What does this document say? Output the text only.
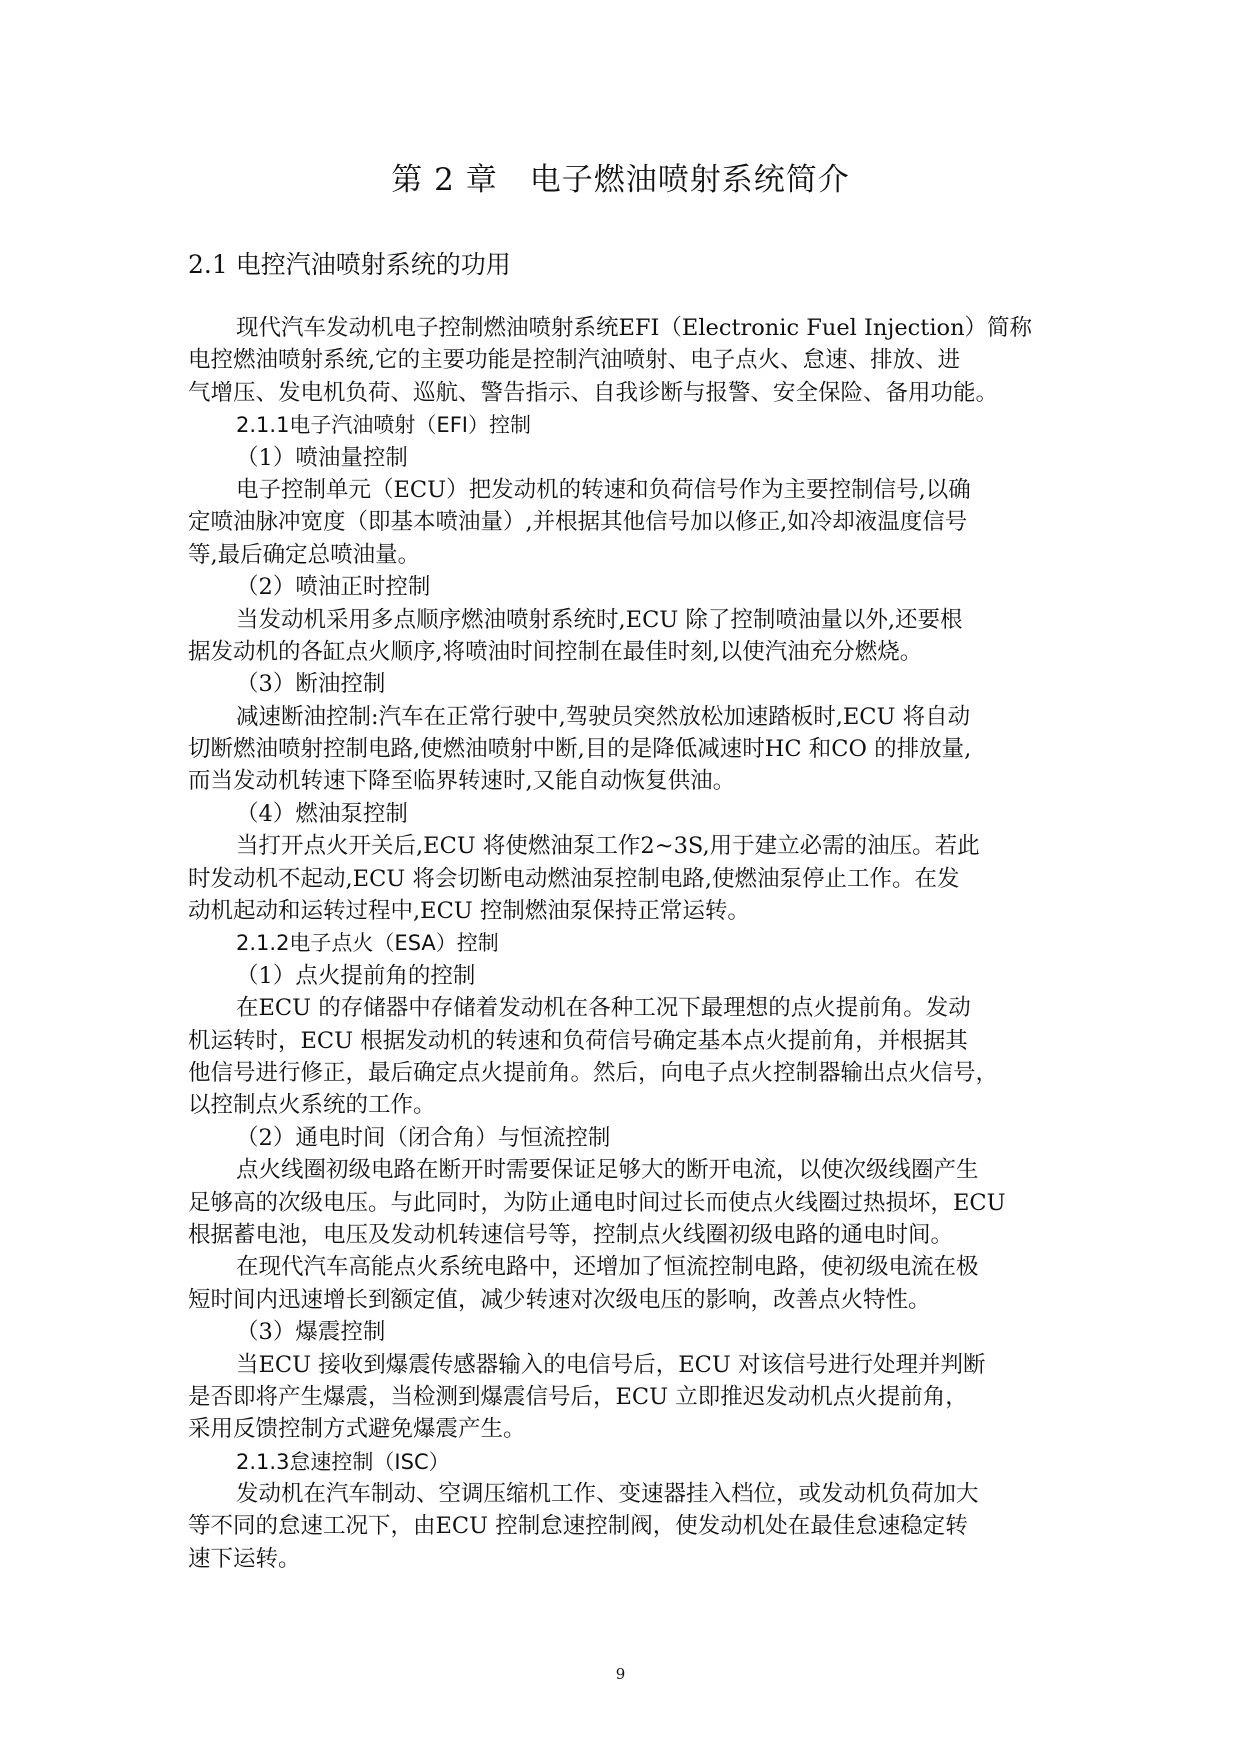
第 2 章　电子燃油喷射系统简介
2.1 电控汽油喷射系统的功用
现代汽车发动机电子控制燃油喷射系统EFI（Electronic Fuel Injection）简称
电控燃油喷射系统,它的主要功能是控制汽油喷射、电子点火、怠速、排放、进
气增压、发电机负荷、巡航、警告指示、自我诊断与报警、安全保险、备用功能。
2.1.1电子汽油喷射（EFI）控制
（1）喷油量控制
电子控制单元（ECU）把发动机的转速和负荷信号作为主要控制信号,以确
定喷油脉冲宽度（即基本喷油量）,并根据其他信号加以修正,如冷却液温度信号
等,最后确定总喷油量。
（2）喷油正时控制
当发动机采用多点顺序燃油喷射系统时,ECU 除了控制喷油量以外,还要根
据发动机的各缸点火顺序,将喷油时间控制在最佳时刻,以使汽油充分燃烧。
（3）断油控制
减速断油控制:汽车在正常行驶中,驾驶员突然放松加速踏板时,ECU 将自动
切断燃油喷射控制电路,使燃油喷射中断,目的是降低减速时HC 和CO 的排放量,
而当发动机转速下降至临界转速时,又能自动恢复供油。
（4）燃油泵控制
当打开点火开关后,ECU 将使燃油泵工作2~3S,用于建立必需的油压。若此
时发动机不起动,ECU 将会切断电动燃油泵控制电路,使燃油泵停止工作。在发
动机起动和运转过程中,ECU 控制燃油泵保持正常运转。
2.1.2电子点火（ESA）控制
（1）点火提前角的控制
在ECU 的存储器中存储着发动机在各种工况下最理想的点火提前角。发动
机运转时，ECU 根据发动机的转速和负荷信号确定基本点火提前角，并根据其
他信号进行修正，最后确定点火提前角。然后，向电子点火控制器输出点火信号，
以控制点火系统的工作。
（2）通电时间（闭合角）与恒流控制
点火线圈初级电路在断开时需要保证足够大的断开电流，以使次级线圈产生
足够高的次级电压。与此同时，为防止通电时间过长而使点火线圈过热损坏，ECU
根据蓄电池，电压及发动机转速信号等，控制点火线圈初级电路的通电时间。
在现代汽车高能点火系统电路中，还增加了恒流控制电路，使初级电流在极
短时间内迅速增长到额定值，减少转速对次级电压的影响，改善点火特性。
（3）爆震控制
当ECU 接收到爆震传感器输入的电信号后，ECU 对该信号进行处理并判断
是否即将产生爆震，当检测到爆震信号后，ECU 立即推迟发动机点火提前角，
采用反馈控制方式避免爆震产生。
2.1.3怠速控制（ISC）
发动机在汽车制动、空调压缩机工作、变速器挂入档位，或发动机负荷加大
等不同的怠速工况下，由ECU 控制怠速控制阀，使发动机处在最佳怠速稳定转
速下运转。
9
